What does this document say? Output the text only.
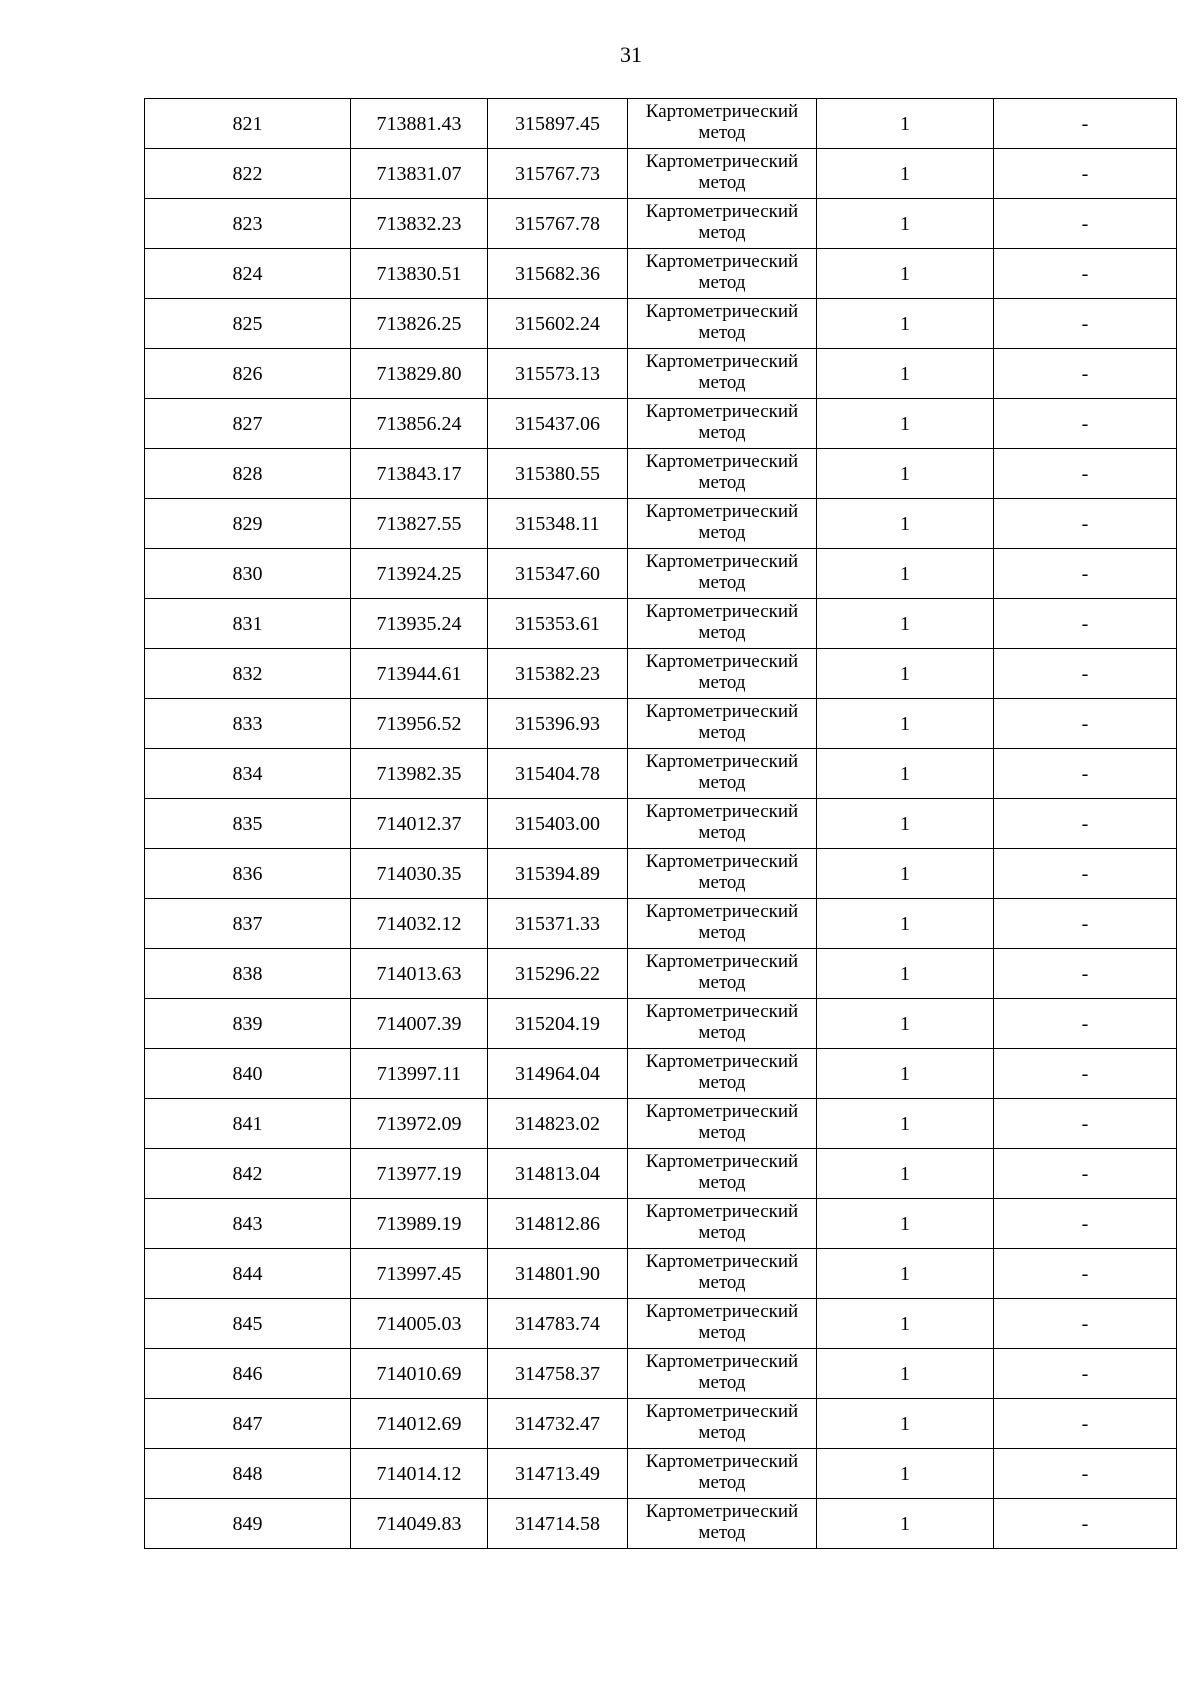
31
821	713881.43	315897.45	Картометрический
метод	1	-
822	713831.07	315767.73	Картометрический
метод	1	-
823	713832.23	315767.78	Картометрический
метод	1	-
824	713830.51	315682.36	Картометрический
метод	1	-
825	713826.25	315602.24	Картометрический
метод	1	-
826	713829.80	315573.13	Картометрический
метод	1	-
827	713856.24	315437.06	Картометрический
метод	1	-
828	713843.17	315380.55	Картометрический
метод	1	-
829	713827.55	315348.11	Картометрический
метод	1	-
830	713924.25	315347.60	Картометрический
метод	1	-
831	713935.24	315353.61	Картометрический
метод	1	-
832	713944.61	315382.23	Картометрический
метод	1	-
833	713956.52	315396.93	Картометрический
метод	1	-
834	713982.35	315404.78	Картометрический
метод	1	-
835	714012.37	315403.00	Картометрический
метод	1	-
836	714030.35	315394.89	Картометрический
метод	1	-
837	714032.12	315371.33	Картометрический
метод	1	-
838	714013.63	315296.22	Картометрический
метод	1	-
839	714007.39	315204.19	Картометрический
метод	1	-
840	713997.11	314964.04	Картометрический
метод	1	-
841	713972.09	314823.02	Картометрический
метод	1	-
842	713977.19	314813.04	Картометрический
метод	1	-
843	713989.19	314812.86	Картометрический
метод	1	-
844	713997.45	314801.90	Картометрический
метод	1	-
845	714005.03	314783.74	Картометрический
метод	1	-
846	714010.69	314758.37	Картометрический
метод	1	-
847	714012.69	314732.47	Картометрический
метод	1	-
848	714014.12	314713.49	Картометрический
метод	1	-
849	714049.83	314714.58	Картометрический
метод	1	-
